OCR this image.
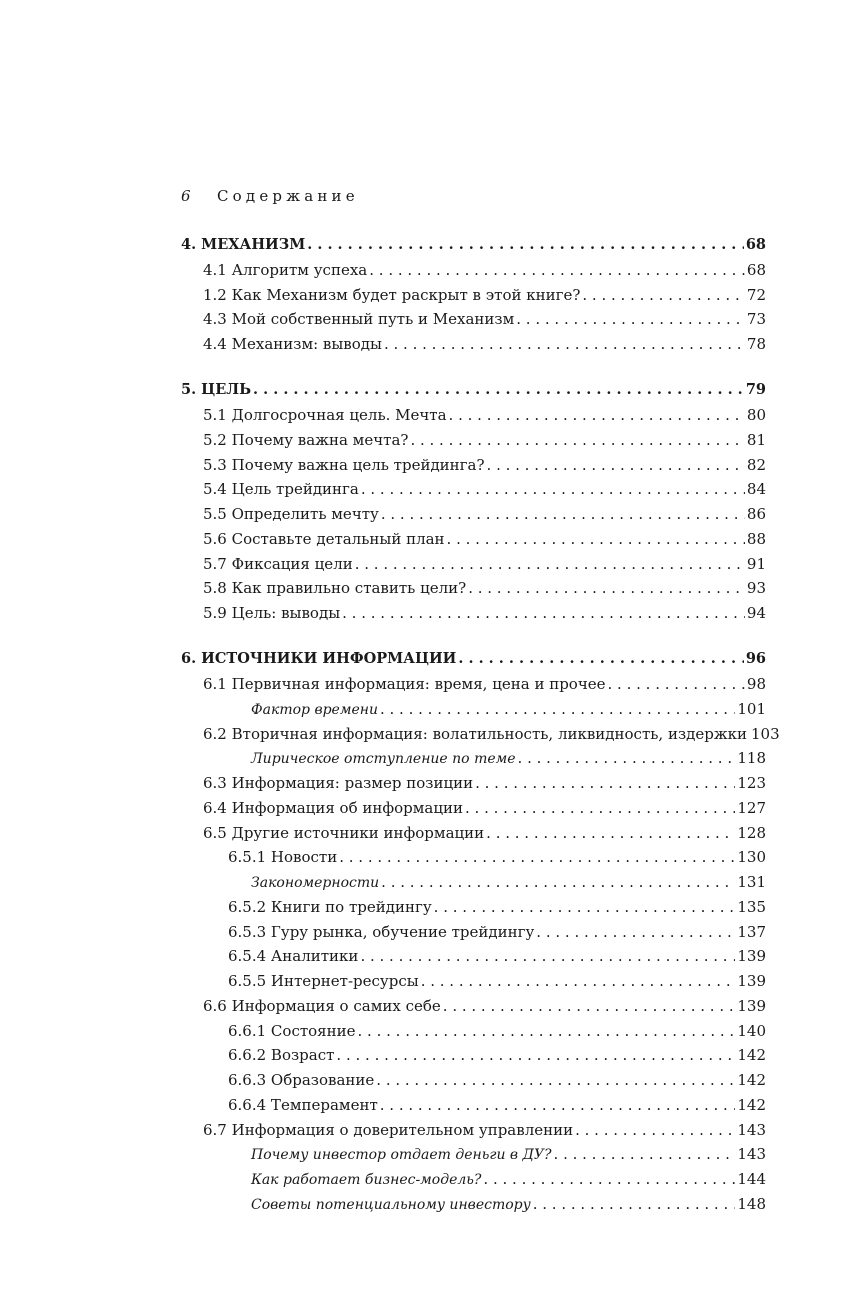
6	Содержание
4. МЕХАНИЗМ . . .	68
4.1 Алгоритм успеха . . .	68
1.2 Как Механизм будет раскрыт в этой книге? . . .	72
4.3 Мой собственный путь и Механизм . . .	73
4.4 Механизм: выводы . . .	78
5. ЦЕЛЬ . . .	79
5.1 Долгосрочная цель. Мечта . . .	80
5.2 Почему важна мечта? . . .	81
5.3 Почему важна цель трейдинга? . . .	82
5.4 Цель трейдинга . . .	84
5.5 Определить мечту . . .	86
5.6 Составьте детальный план . . .	88
5.7 Фиксация цели . . .	91
5.8 Как правильно ставить цели? . . .	93
5.9 Цель: выводы . . .	94
6. ИСТОЧНИКИ ИНФОРМАЦИИ . . .	96
6.1 Первичная информация: время, цена и прочее . . .	98
Фактор времени . . .	101
6.2 Вторичная информация: волатильность, ликвидность, издержки 103
Лирическое отступление по теме . . .	118
6.3 Информация: размер позиции . . .	123
6.4 Информация об информации . . .	127
6.5 Другие источники информации . . .	128
6.5.1 Новости . . .	130
Закономерности . . .	131
6.5.2 Книги по трейдингу . . .	135
6.5.3 Гуру рынка, обучение трейдингу . . .	137
6.5.4 Аналитики . . .	139
6.5.5 Интернет-ресурсы . . .	139
6.6 Информация о самих себе . . .	139
6.6.1 Состояние . . .	140
6.6.2 Возраст . . .	142
6.6.3 Образование . . .	142
6.6.4 Темперамент . . .	142
6.7 Информация о доверительном управлении . . .	143
Почему инвестор отдает деньги в ДУ? . . .	143
Как работает бизнес-модель? . . .	144
Советы потенциальному инвестору . . .	148
